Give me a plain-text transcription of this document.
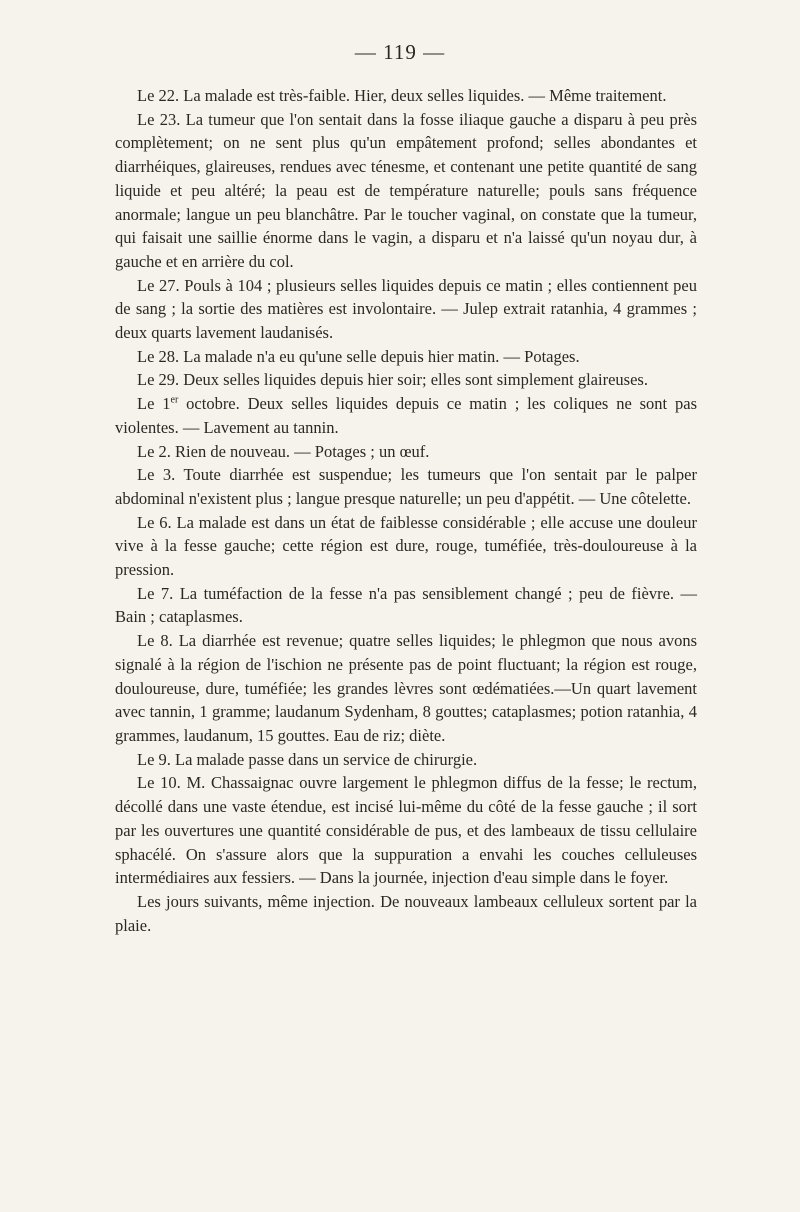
— 119 —

Le 22. La malade est très-faible. Hier, deux selles liquides. — Même traitement.

Le 23. La tumeur que l'on sentait dans la fosse iliaque gauche a disparu à peu près complètement; on ne sent plus qu'un empâtement profond; selles abondantes et diarrhéiques, glaireuses, rendues avec ténesme, et contenant une petite quantité de sang liquide et peu altéré; la peau est de température naturelle; pouls sans fréquence anormale; langue un peu blanchâtre. Par le toucher vaginal, on constate que la tumeur, qui faisait une saillie énorme dans le vagin, a disparu et n'a laissé qu'un noyau dur, à gauche et en arrière du col.

Le 27. Pouls à 104 ; plusieurs selles liquides depuis ce matin ; elles contiennent peu de sang ; la sortie des matières est involontaire. — Julep extrait ratanhia, 4 grammes ; deux quarts lavement laudanisés.

Le 28. La malade n'a eu qu'une selle depuis hier matin. — Potages.

Le 29. Deux selles liquides depuis hier soir; elles sont simplement glaireuses.

Le 1er octobre. Deux selles liquides depuis ce matin ; les coliques ne sont pas violentes. — Lavement au tannin.

Le 2. Rien de nouveau. — Potages ; un œuf.

Le 3. Toute diarrhée est suspendue; les tumeurs que l'on sentait par le palper abdominal n'existent plus ; langue presque naturelle; un peu d'appétit. — Une côtelette.

Le 6. La malade est dans un état de faiblesse considérable ; elle accuse une douleur vive à la fesse gauche; cette région est dure, rouge, tuméfiée, très-douloureuse à la pression.

Le 7. La tuméfaction de la fesse n'a pas sensiblement changé ; peu de fièvre. — Bain ; cataplasmes.

Le 8. La diarrhée est revenue; quatre selles liquides; le phlegmon que nous avons signalé à la région de l'ischion ne présente pas de point fluctuant; la région est rouge, douloureuse, dure, tuméfiée; les grandes lèvres sont œdématiées.—Un quart lavement avec tannin, 1 gramme; laudanum Sydenham, 8 gouttes; cataplasmes; potion ratanhia, 4 grammes, laudanum, 15 gouttes. Eau de riz; diète.

Le 9. La malade passe dans un service de chirurgie.

Le 10. M. Chassaignac ouvre largement le phlegmon diffus de la fesse; le rectum, décollé dans une vaste étendue, est incisé lui-même du côté de la fesse gauche ; il sort par les ouvertures une quantité considérable de pus, et des lambeaux de tissu cellulaire sphacélé. On s'assure alors que la suppuration a envahi les couches celluleuses intermédiaires aux fessiers. — Dans la journée, injection d'eau simple dans le foyer.

Les jours suivants, même injection. De nouveaux lambeaux celluleux sortent par la plaie.
